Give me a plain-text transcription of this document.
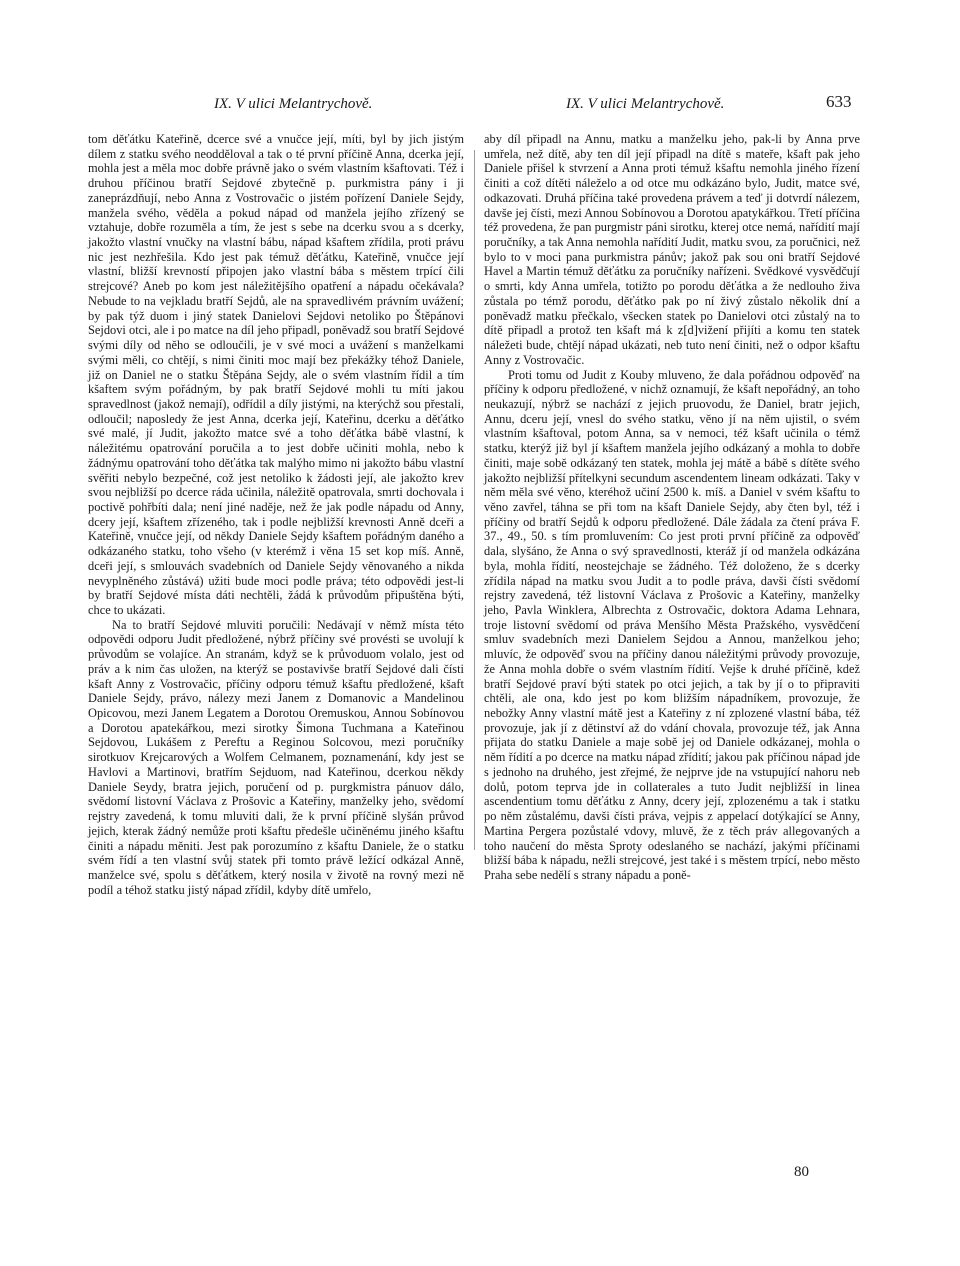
IX. V ulici Melantrychově.	IX. V ulici Melantrychově.	633

tom děťátku Kateřině, dcerce své a vnučce její, míti, byl by jich jistým dílem z statku svého neodděloval a tak o té první příčině Anna, dcerka její, mohla jest a měla moc dobře právně jako o svém vlastním kšaftovati. Též i druhou příčinou bratří Sejdové zbytečně p. purkmistra pány i ji zaneprázdňují, nebo Anna z Vostrovačic o jistém pořízení Daniele Sejdy, manžela svého, věděla a pokud nápad od manžela jejího zřízený se vztahuje, dobře rozuměla a tím, že jest s sebe na dcerku svou a s dcerky, jakožto vlastní vnučky na vlastní bábu, nápad kšaftem zřídila, proti právu nic jest nezhřešila. Kdo jest pak témuž děťátku, Kateřině, vnučce její vlastní, bližší krevností připojen jako vlastní bába s městem trpící čili strejcové? Aneb po kom jest náležitějšího opatření a nápadu očekávala? Nebude to na vejkladu bratří Sejdů, ale na spravedlivém právním uvážení; by pak týž duom i jiný statek Danielovi Sejdovi netoliko po Štěpánovi Sejdovi otci, ale i po matce na díl jeho připadl, poněvadž sou bratří Sejdové svými díly od něho se odloučili, je v své moci a uvážení s manželkami svými měli, co chtějí, s nimi činiti moc mají bez překážky téhož Daniele, již on Daniel ne o statku Štěpána Sejdy, ale o svém vlastním řídil a tím kšaftem svým pořádným, by pak bratří Sejdové mohli tu míti jakou spravedlnost (jakož nemají), odřídil a díly jistými, na kterýchž sou přestali, odloučil; naposledy že jest Anna, dcerka její, Kateřinu, dcerku a děťátko své malé, jí Judit, jakožto matce své a toho děťátka bábě vlastní, k náležitému opatrování poručila a to jest dobře učiniti mohla, nebo k žádnýmu opatrování toho děťátka tak malýho mimo ni jakožto bábu vlastní svěřiti nebylo bezpečné, což jest netoliko k žádosti její, ale jakožto krev svou nejbližší po dcerce ráda učinila, náležitě opatrovala, smrti dochovala i poctivě pohřbíti dala; není jiné naděje, než že jak podle nápadu od Anny, dcery její, kšaftem zřízeného, tak i podle nejbližší krevnosti Anně dceři a Kateřině, vnučce její, od někdy Daniele Sejdy kšaftem pořádným daného a odkázaného statku, toho všeho (v kterémž i věna 15 set kop míš. Anně, dceři její, s smlouvách svadebních od Daniele Sejdy věnovaného a nikda nevyplněného zůstává) užiti bude moci podle práva; této odpovědi jest-li by bratří Sejdové místa dáti nechtěli, žádá k průvodům připuštěna býti, chce to ukázati.

Na to bratří Sejdové mluviti poručili: Nedávají v němž místa této odpovědi odporu Judit předložené, nýbrž příčiny své provésti se uvolují k průvodům se volajíce. An stranám, když se k průvoduom volalo, jest od práv a k nim čas uložen, na kterýž se postavivše bratří Sejdové dali čísti kšaft Anny z Vostrovačic, příčiny odporu témuž kšaftu předložené, kšaft Daniele Sejdy, právo, nálezy mezi Janem z Domanovic a Mandelinou Opicovou, mezi Janem Legatem a Dorotou Oremuskou, Annou Sobínovou a Dorotou apatekářkou, mezi sirotky Šimona Tuchmana a Kateřinou Sejdovou, Lukášem z Pereftu a Reginou Solcovou, mezi poručníky sirotkuov Krejcarových a Wolfem Celmanem, poznamenání, kdy jest se Havlovi a Martinovi, bratřím Sejduom, nad Kateřinou, dcerkou někdy Daniele Seydy, bratra jejich, poručení od p. purgkmistra pánuov dálo, svědomí listovní Václava z Prošovic a Kateřiny, manželky jeho, svědomí rejstry zavedená, k tomu mluviti dali, že k první příčině slyšán průvod jejich, kterak žádný nemůže proti kšaftu předešle učiněnému jiného kšaftu činiti a nápadu měniti. Jest pak porozumíno z kšaftu Daniele, že o statku svém řídí a ten vlastní svůj statek při tomto právě ležící odkázal Anně, manželce své, spolu s děťátkem, který nosila v životě na rovný mezi ně podíl a téhož statku jistý nápad zřídil, kdyby dítě umřelo,

aby díl připadl na Annu, matku a manželku jeho, pak-li by Anna prve umřela, než dítě, aby ten díl její připadl na dítě s mateře, kšaft pak jeho Daniele přišel k stvrzení a Anna proti témuž kšaftu nemohla jiného řízení činiti a což dítěti náleželo a od otce mu odkázáno bylo, Judit, matce své, odkazovati. Druhá příčina také provedena právem a teď ji dotvrdí nálezem, davše jej čísti, mezi Annou Sobínovou a Dorotou apatykářkou. Třetí příčina též provedena, že pan purgmistr páni sirotku, kterej otce nemá, nařídití mají poručníky, a tak Anna nemohla nařídití Judit, matku svou, za poručnici, než bylo to v moci pana purkmistra pánův; jakož pak sou oni bratří Sejdové Havel a Martin témuž děťátku za poručníky nařízeni. Svědkové vysvědčují o smrti, kdy Anna umřela, totižto po porodu děťátka a že nedlouho živa zůstala po témž porodu, děťátko pak po ní živý zůstalo několik dní a poněvadž matku přečkalo, všecken statek po Danielovi otci zůstalý na to dítě připadl a protož ten kšaft má k z[d]vižení přijíti a komu ten statek náležeti bude, chtějí nápad ukázati, neb tuto není činiti, než o odpor kšaftu Anny z Vostrovačic.

Proti tomu od Judit z Kouby mluveno, že dala pořádnou odpověď na příčiny k odporu předložené, v nichž oznamují, že kšaft nepořádný, an toho neukazují, nýbrž se nachází z jejich pruovodu, že Daniel, bratr jejich, Annu, dceru její, vnesl do svého statku, věno jí na něm ujistil, o svém vlastním kšaftoval, potom Anna, sa v nemoci, též kšaft učinila o témž statku, kterýž již byl jí kšaftem manžela jejího odkázaný a mohla to dobře činiti, maje sobě odkázaný ten statek, mohla jej mátě a bábě s dítěte svého jakožto nejbližší přítelkyni secundum ascendentem lineam odkázati. Taky v něm měla své věno, kteréhož učiní 2500 k. míš. a Daniel v svém kšaftu to věno zavřel, táhna se při tom na kšaft Daniele Sejdy, aby čten byl, též i příčiny od bratří Sejdů k odporu předložené. Dále žádala za čtení práva F. 37., 49., 50. s tím promluvením: Co jest proti první příčině za odpověď dala, slyšáno, že Anna o svý spravedlnosti, kteráž jí od manžela odkázána byla, mohla řídití, neostejchaje se žádného. Též doloženo, že s dcerky zřídila nápad na matku svou Judit a to podle práva, davši čísti svědomí rejstry zavedená, též listovní Václava z Prošovic a Kateřiny, manželky jeho, Pavla Winklera, Albrechta z Ostrovačic, doktora Adama Lehnara, troje listovní svědomí od práva Menšího Města Pražského, vysvědčení smluv svadebních mezi Danielem Sejdou a Annou, manželkou jeho; mluvíc, že odpověď svou na příčiny danou náležitými průvody provozuje, že Anna mohla dobře o svém vlastním řídití. Vejše k druhé příčině, kdež bratří Sejdové praví býti statek po otci jejich, a tak by jí o to připraviti chtěli, ale ona, kdo jest po kom bližším nápadníkem, provozuje, že nebožky Anny vlastní mátě jest a Kateřiny z ní zplozené vlastní bába, též provozuje, jak jí z dětinství až do vdání chovala, provozuje též, jak Anna přijata do statku Daniele a maje sobě jej od Daniele odkázanej, mohla o něm řídití a po dcerce na matku nápad zřídití; jakou pak příčinou nápad jde s jednoho na druhého, jest zřejmé, že nejprve jde na vstupující nahoru neb dolů, potom teprva jde in collaterales a tuto Judit nejbližší in linea ascendentium tomu děťátku z Anny, dcery její, zplozenému a tak i statku po něm zůstalému, davši čísti práva, vejpis z appelací dotýkající se Anny, Martina Pergera pozůstalé vdovy, mluvě, že z těch práv allegovaných a toho naučení do města Sproty odeslaného se nachází, jakými příčinami bližší bába k nápadu, nežli strejcové, jest také i s městem trpící, nebo město Praha sebe nedělí s strany nápadu a poně-

80
